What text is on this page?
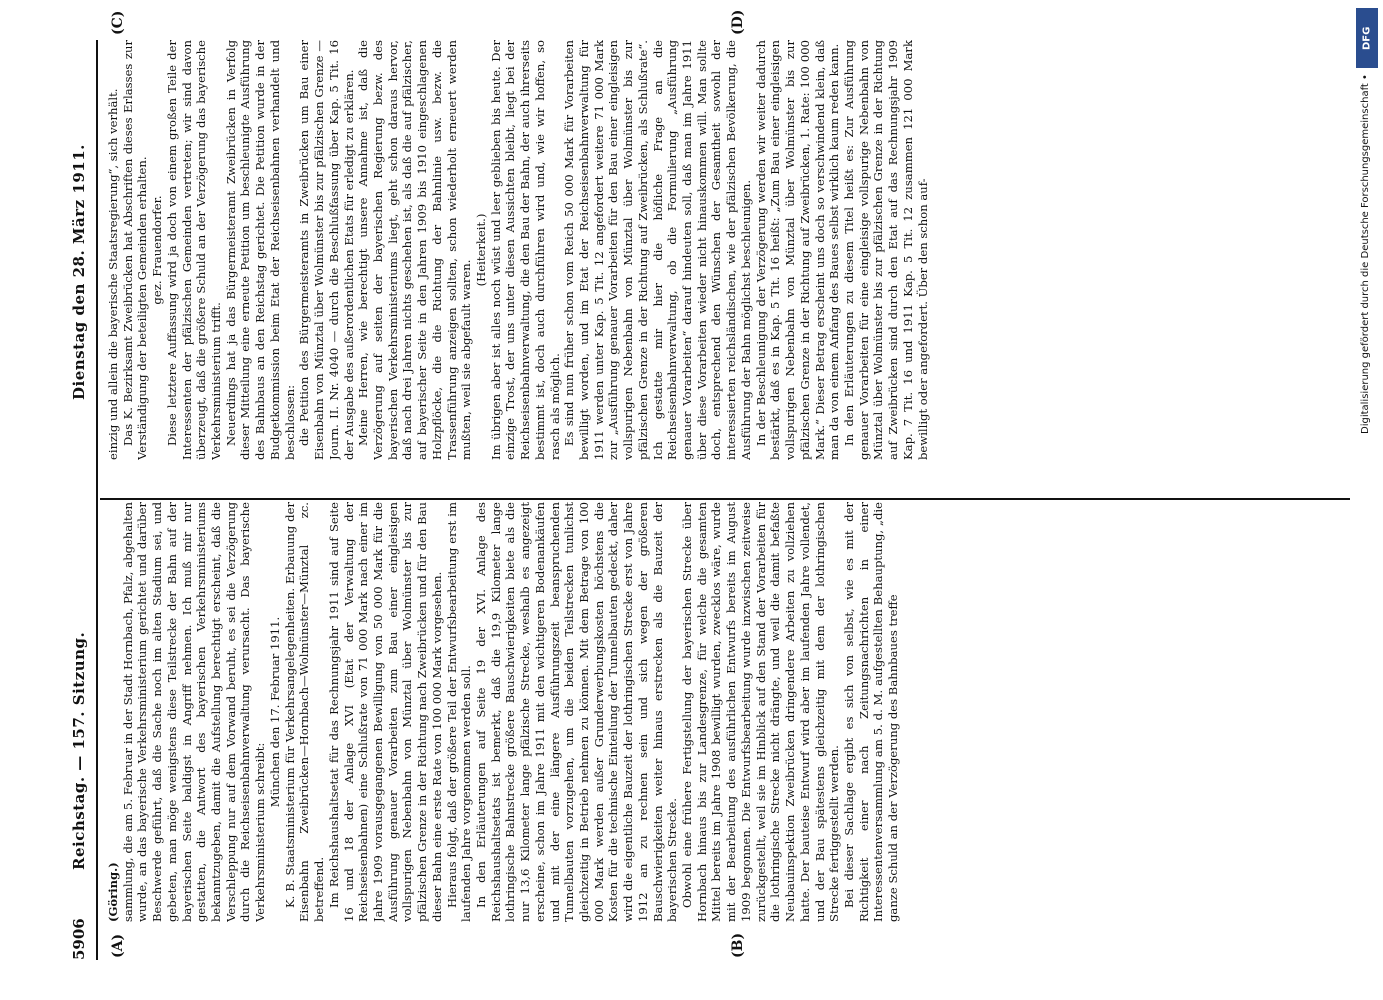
5906
Reichstag. — 157. Sitzung.
Dienstag den 28. März 1911.
(A)	(B)
(C)	(D)

(Göring.) sammlung, die am 5. Februar in der Stadt Hornbach, Pfalz, abgehalten wurde, an das bayerische Verkehrsministerium gerichtet und darüber Beschwerde geführt, daß die Sache noch im alten Stadium sei, und gebeten, man möge wenigstens diese Teilstrecke der Bahn auf der bayerischen Seite baldigst in Angriff nehmen. Ich muß mir nur gestatten, die Antwort des bayerischen Verkehrsministeriums bekanntzugeben, damit die Aufstellung berechtigt erscheint, daß die Verschleppung nur auf dem Vorwand beruht, es sei die Verzögerung durch die Reichseisenbahnverwaltung verursacht. Das bayerische Verkehrsministerium schreibt:

München den 17. Februar 1911. K. B. Staatsministerium für Verkehrsangelegenheiten. Erbauung der Eisenbahn Zweibrücken—Hornbach—Wolmünster—Münztal zc. betreffend. Im Reichshaushaltsetat für das Rechnungsjahr 1911 sind auf Seite 16 und 18 der Anlage XVI (Etat der Verwaltung der Reichseisenbahnen) eine Schlußrate von 71 000 Mark nach einer im Jahre 1909 vorausgegangenen Bewilligung von 50 000 Mark für die Ausführung genauer Vorarbeiten zum Bau einer eingleisigen vollspurigen Nebenbahn von Münztal über Wolmünster bis zur pfälzischen Grenze in der Richtung nach Zweibrücken und für den Bau dieser Bahn eine erste Rate von 100 000 Mark vorgesehen. Hieraus folgt, daß der größere Teil der Entwurfsbearbeitung erst im laufenden Jahre vorgenommen werden soll. In den Erläuterungen auf Seite 19 der XVI. Anlage des Reichshaushaltsetats ist bemerkt, daß die 19,9 Kilometer lange lothringische Bahnstrecke größere Bauschwierigkeiten biete als die nur 13,6 Kilometer lange pfälzische Strecke, weshalb es angezeigt erscheine, schon im Jahre 1911 mit den wichtigeren Bodenankäufen und mit der eine längere Ausführungszeit beanspruchenden Tunnelbauten vorzugehen, um die beiden Teilstrecken tunlichst gleichzeitig in Betrieb nehmen zu können. Mit dem Betrage von 100 000 Mark werden außer Grunderwerbungskosten höchstens die Kosten für die technische Einteilung der Tunnelbauten gedeckt, daher wird die eigentliche Bauzeit der lothringischen Strecke erst von Jahre 1912 an zu rechnen sein und sich wegen der größeren Bauschwierigkeiten weiter hinaus erstrecken als die Bauzeit der bayerischen Strecke. Obwohl eine frühere Fertigstellung der bayerischen Strecke über Hornbach hinaus bis zur Landesgrenze, für welche die gesamten Mittel bereits im Jahre 1908 bewilligt wurden, zwecklos wäre, wurde mit der Bearbeitung des ausführlichen Entwurfs bereits im August 1909 begonnen. Die Entwurfsbearbeitung wurde inzwischen zeitweise zurückgestellt, weil sie im Hinblick auf den Stand der Vorarbeiten für die lothringische Strecke nicht drängte, und weil die damit befaßte Neubauinspektion Zweibrücken dringendere Arbeiten zu vollziehen hatte. Der bauteise Entwurf wird aber im laufenden Jahre vollendet, und der Bau spätestens gleichzeitig mit dem der lothringischen Strecke fertiggestellt werden. Bei dieser Sachlage ergibt es sich von selbst, wie es mit der Richtigkeit einer nach Zeitungsnachrichten in einer Interessentenversammlung am 5. d. M. aufgestellten Behauptung, „die ganze Schuld an der Verzögerung des Bahnbaues treffe

einzig und allein die bayerische Staatsregierung“, sich verhält. Das K. Bezirksamt Zweibrücken hat Abschriften dieses Erlasses zur Verständigung der beteiligten Gemeinden erhalten. gez. Frauendorfer. Diese letztere Auffassung wird ja doch von einem großen Teile der Interessenten der pfälzischen Gemeinden vertreten; wir sind davon überzeugt, daß die größere Schuld an der Verzögerung das bayerische Verkehrsministerium trifft. Neuerdings hat ja das Bürgermeisteramt Zweibrücken in Verfolg dieser Mitteilung eine erneute Petition um beschleunigte Ausführung des Bahnbaus an den Reichstag gerichtet. Die Petition wurde in der Budgetkommission beim Etat der Reichseisenbahnen verhandelt und beschlossen: die Petition des Bürgermeisteramts in Zweibrücken um Bau einer Eisenbahn von Münztal über Wolmünster bis zur pfälzischen Grenze — Journ. II. Nr. 4040 — durch die Beschlußfassung über Kap. 5 Tit. 16 der Ausgabe des außerordentlichen Etats für erledigt zu erklären. Meine Herren, wie berechtigt unsere Annahme ist, daß die Verzögerung auf seiten der bayerischen Regierung bezw. des bayerischen Verkehrsministeriums liegt, geht schon daraus hervor, daß nach drei Jahren nichts geschehen ist, als daß die auf pfälzischer, auf bayerischer Seite in den Jahren 1909 bis 1910 eingeschlagenen Holzpflöcke, die die Richtung der Bahnlinie usw. bezw. die Trassenführung anzeigen sollten, schon wiederholt erneuert werden mußten, weil sie abgefault waren.

(Heiterkeit.) Im übrigen aber ist alles noch wüst und leer geblieben bis heute. Der einzige Trost, der uns unter diesen Aussichten bleibt, liegt bei der Reichseisenbahnverwaltung, die den Bau der Bahn, der auch ihrerseits bestimmt ist, doch auch durchführen wird und, wie wir hoffen, so rasch als möglich. Es sind nun früher schon vom Reich 50 000 Mark für Vorarbeiten bewilligt worden, und im Etat der Reichseisenbahnverwaltung für 1911 werden unter Kap. 5 Tit. 12 angefordert weitere 71 000 Mark zur „Ausführung genauer Vorarbeiten für den Bau einer eingleisigen vollspurigen Nebenbahn von Münztal über Wolmünster bis zur pfälzischen Grenze in der Richtung auf Zweibrücken, als Schlußrate“. Ich gestatte mir hier die höfliche Frage an die Reichseisenbahnverwaltung, ob die Formulierung „Ausführung genauer Vorarbeiten“ darauf hindeuten soll, daß man im Jahre 1911 über diese Vorarbeiten wieder nicht hinauskommen will. Man sollte doch, entsprechend den Wünschen der Gesamtheit sowohl der interessierten reichsländischen, wie der pfälzischen Bevölkerung, die Ausführung der Bahn möglichst beschleunigen. In der Beschleunigung der Verzögerung werden wir weiter dadurch bestärkt, daß es in Kap. 5 Tit. 16 heißt: „Zum Bau einer eingleisigen vollspurigen Nebenbahn von Münztal über Wolmünster bis zur pfälzischen Grenze in der Richtung auf Zweibrücken, 1. Rate: 100 000 Mark.“ Dieser Betrag erscheint uns doch so verschwindend klein, daß man da von einem Anfang des Baues selbst wirklich kaum reden kann. In den Erläuterungen zu diesem Titel heißt es: Zur Ausführung genauer Vorarbeiten für eine eingleisige vollspurige Nebenbahn von Münztal über Wolmünster bis zur pfälzischen Grenze in der Richtung auf Zweibrücken sind durch den Etat auf das Rechnungsjahr 1909 Kap. 7 Tit. 16 und 1911 Kap. 5 Tit. 12 zusammen 121 000 Mark bewilligt oder angefordert. Über den schon auf-

DFG
Digitalisierung gefördert durch die Deutsche Forschungsgemeinschaft •
